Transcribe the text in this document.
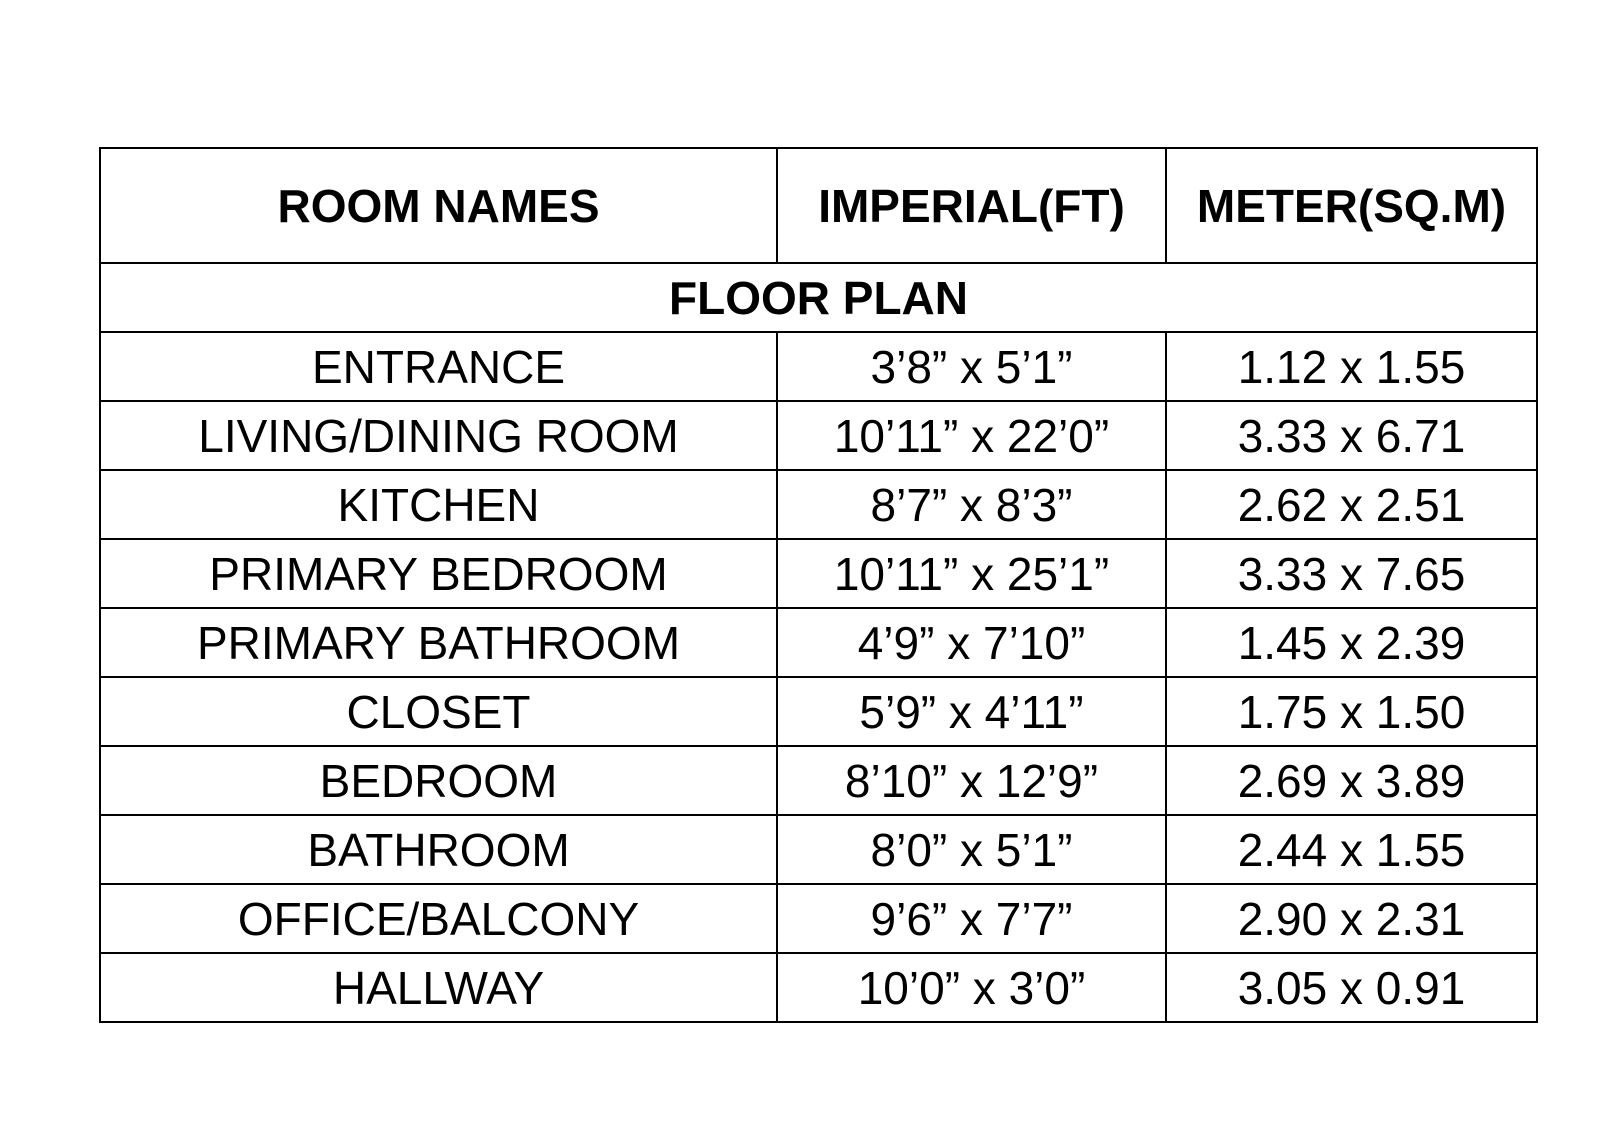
ROOM NAMES	IMPERIAL(FT)	METER(SQ.M)
FLOOR PLAN		
ENTRANCE	3’8” x 5’1”	1.12 x 1.55
LIVING/DINING ROOM	10’11” x 22’0”	3.33 x 6.71
KITCHEN	8’7” x 8’3”	2.62 x 2.51
PRIMARY BEDROOM	10’11” x 25’1”	3.33 x 7.65
PRIMARY BATHROOM	4’9” x 7’10”	1.45 x 2.39
CLOSET	5’9” x 4’11”	1.75 x 1.50
BEDROOM	8’10” x 12’9”	2.69 x 3.89
BATHROOM	8’0” x 5’1”	2.44 x 1.55
OFFICE/BALCONY	9’6” x 7’7”	2.90 x 2.31
HALLWAY	10’0” x 3’0”	3.05 x 0.91
